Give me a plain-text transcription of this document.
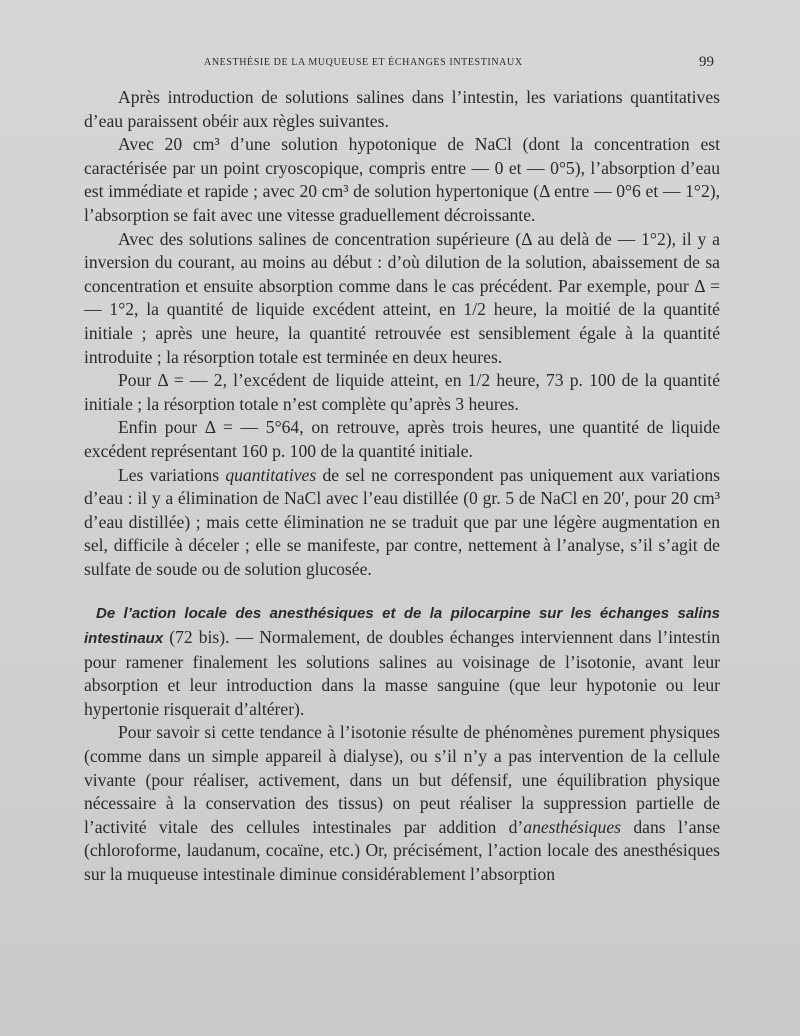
ANESTHÉSIE DE LA MUQUEUSE ET ÉCHANGES INTESTINAUX	99

Après introduction de solutions salines dans l’intestin, les variations quantitatives d’eau paraissent obéir aux règles suivantes.

Avec 20 cm³ d’une solution hypotonique de NaCl (dont la concentration est caractérisée par un point cryoscopique, compris entre — 0 et — 0°5), l’absorption d’eau est immédiate et rapide ; avec 20 cm³ de solution hypertonique (Δ entre — 0°6 et — 1°2), l’absorption se fait avec une vitesse graduellement décroissante.

Avec des solutions salines de concentration supérieure (Δ au delà de — 1°2), il y a inversion du courant, au moins au début : d’où dilution de la solution, abaissement de sa concentration et ensuite absorption comme dans le cas précédent. Par exemple, pour Δ = — 1°2, la quantité de liquide excédent atteint, en 1/2 heure, la moitié de la quantité initiale ; après une heure, la quantité retrouvée est sensiblement égale à la quantité introduite ; la résorption totale est terminée en deux heures.

Pour Δ = — 2, l’excédent de liquide atteint, en 1/2 heure, 73 p. 100 de la quantité initiale ; la résorption totale n’est complète qu’après 3 heures.

Enfin pour Δ = — 5°64, on retrouve, après trois heures, une quantité de liquide excédent représentant 160 p. 100 de la quantité initiale.

Les variations quantitatives de sel ne correspondent pas uniquement aux variations d’eau : il y a élimination de NaCl avec l’eau distillée (0 gr. 5 de NaCl en 20′, pour 20 cm³ d’eau distillée) ; mais cette élimination ne se traduit que par une légère augmentation en sel, difficile à déceler ; elle se manifeste, par contre, nettement à l’analyse, s’il s’agit de sulfate de soude ou de solution glucosée.

De l’action locale des anesthésiques et de la pilocarpine sur les échanges salins intestinaux (72 bis). — Normalement, de doubles échanges interviennent dans l’intestin pour ramener finalement les solutions salines au voisinage de l’isotonie, avant leur absorption et leur introduction dans la masse sanguine (que leur hypotonie ou leur hypertonie risquerait d’altérer).

Pour savoir si cette tendance à l’isotonie résulte de phénomènes purement physiques (comme dans un simple appareil à dialyse), ou s’il n’y a pas intervention de la cellule vivante (pour réaliser, activement, dans un but défensif, une équilibration physique nécessaire à la conservation des tissus) on peut réaliser la suppression partielle de l’activité vitale des cellules intestinales par addition d’anesthésiques dans l’anse (chloroforme, laudanum, cocaïne, etc.) Or, précisément, l’action locale des anesthésiques sur la muqueuse intestinale diminue considérablement l’absorption
